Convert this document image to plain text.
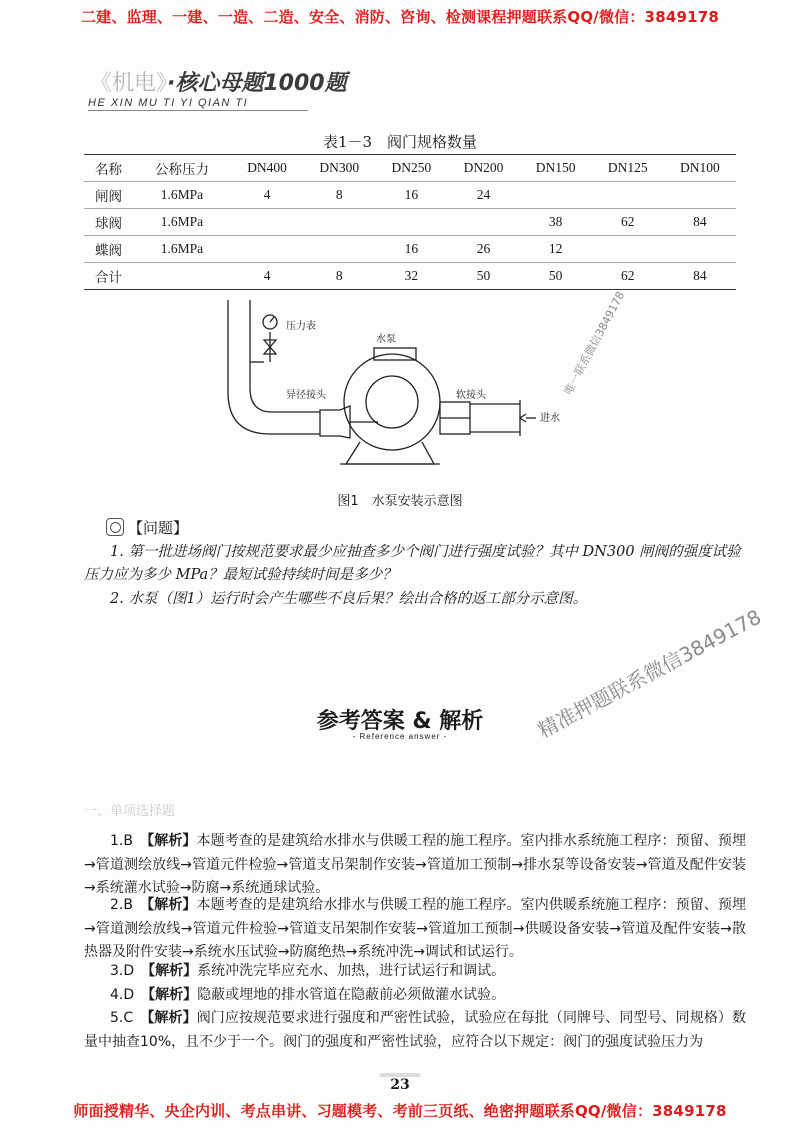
二建、监理、一建、一造、二造、安全、消防、咨询、检测课程押题联系QQ/微信：3849178
《机电》·核心母题1000题
HE XIN MU TI YI QIAN TI
表1－3　阀门规格数量
名称	公称压力	DN400	DN300	DN250	DN200	DN150	DN125	DN100
闸阀	1.6MPa	4	8	16	24			
球阀	1.6MPa					38	62	84
蝶阀	1.6MPa			16	26	12		
合计		4	8	32	50	50	62	84
压力表
水泵
异径接头	软接头
进水
图1　水泵安装示意图
唯一联系微信3849178
【问题】
1. 第一批进场阀门按规范要求最少应抽查多少个阀门进行强度试验？其中 DN300 闸阀的强度试验压力应为多少 MPa？最短试验持续时间是多少？
2. 水泵（图1）运行时会产生哪些不良后果？绘出合格的返工部分示意图。
精准押题联系微信3849178
参考答案 & 解析
- Reference answer -
一、单项选择题
1.B　 【解析】本题考查的是建筑给水排水与供暖工程的施工程序。室内排水系统施工程序：预留、预埋→管道测绘放线→管道元件检验→管道支吊架制作安装→管道加工预制→排水泵等设备安装→管道及配件安装→系统灌水试验→防腐→系统通球试验。
2.B　 【解析】本题考查的是建筑给水排水与供暖工程的施工程序。室内供暖系统施工程序：预留、预埋→管道测绘放线→管道元件检验→管道支吊架制作安装→管道加工预制→供暖设备安装→管道及配件安装→散热器及附件安装→系统水压试验→防腐绝热→系统冲洗→调试和试运行。
3.D　 【解析】系统冲洗完毕应充水、加热，进行试运行和调试。
4.D　 【解析】隐蔽或埋地的排水管道在隐蔽前必须做灌水试验。
5.C　 【解析】阀门应按规范要求进行强度和严密性试验，试验应在每批（同牌号、同型号、同规格）数量中抽查10%，且不少于一个。阀门的强度和严密性试验，应符合以下规定：阀门的强度试验压力为
23
师面授精华、央企内训、考点串讲、习题模考、考前三页纸、绝密押题联系QQ/微信：3849178
